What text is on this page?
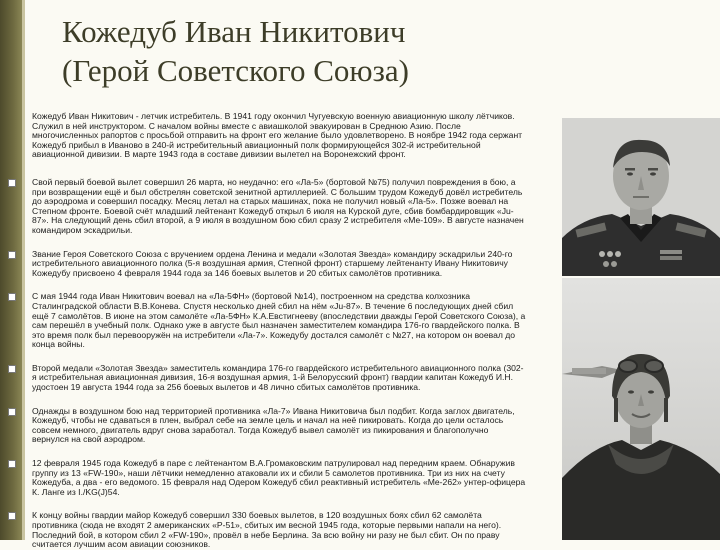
Кожедуб Иван Никитович
(Герой Советского Союза)
Кожедуб Иван Никитович - летчик истребитель. В 1941 году окончил Чугуевскую военную авиационную школу лётчиков. Служил в ней инструктором. С началом войны вместе с авиашколой эвакуирован в Среднюю Азию. После многочисленных рапортов с просьбой отправить на фронт его желание было удовлетворено. В ноябре 1942 года сержант Кожедуб прибыл в Иваново в 240-й истребительный авиационный полк формирующейся 302-й истребительной авиационной дивизии. В марте 1943 года в составе дивизии вылетел на Воронежский фронт.
Свой первый боевой вылет совершил 26 марта, но неудачно: его «Ла-5» (бортовой №75) получил повреждения в бою, а при возвращении ещё и был обстрелян советской зенитной артиллерией. С большим трудом Кожедуб довёл истребитель до аэродрома и совершил посадку. Месяц летал на старых машинах, пока не получил новый «Ла-5». Позже воевал на Степном фронте. Боевой счёт младший лейтенант Кожедуб открыл 6 июля на Курской дуге, сбив бомбардировщик «Ju-87». На следующий день сбил второй, а 9 июля в воздушном бою сбил сразу 2 истребителя «Me-109». В августе назначен командиром эскадрильи.
Звание Героя Советского Союза с вручением ордена Ленина и медали «Золотая Звезда» командиру эскадрильи 240-го истребительного авиационного полка (5-я воздушная армия, Степной фронт) старшему лейтенанту Ивану Никитовичу Кожедубу присвоено 4 февраля 1944 года за 146 боевых вылетов и 20 сбитых самолётов противника.
С мая 1944 года Иван Никитович воевал на «Ла-5ФН» (бортовой №14), построенном на средства колхозника Сталинградской области В.В.Конева. Спустя несколько дней сбил на нём «Ju-87». В течение 6 последующих дней сбил ещё 7 самолётов. В июне на этом самолёте «Ла-5ФН» К.А.Евстигнееву (впоследствии дважды Герой Советского Союза), а сам перешёл в учебный полк. Однако уже в августе был назначен заместителем командира 176-го гвардейского полка. В это время полк был перевооружён на истребители «Ла-7». Кожедубу достался самолёт с №27, на котором он воевал до конца войны.
Второй медали «Золотая Звезда» заместитель командира 176-го гвардейского истребительного авиационного полка (302-я истребительная авиационная дивизия, 16-я воздушная армия, 1-й Белорусский фронт) гвардии капитан Кожедуб И.Н. удостоен 19 августа 1944 года за 256 боевых вылетов и 48 лично сбитых самолётов противника.
Однажды в воздушном бою над территорией противника «Ла-7» Ивана Никитовича был подбит. Когда заглох двигатель, Кожедуб, чтобы не сдаваться в плен, выбрал себе на земле цель и начал на неё пикировать. Когда до цели осталось совсем немного, двигатель вдруг снова заработал. Тогда Кожедуб вывел самолёт из пикирования и благополучно вернулся на свой аэродром.
12 февраля 1945 года Кожедуб в паре с лейтенантом В.А.Громаковским патрулировал над передним краем. Обнаружив группу из 13 «FW-190», наши лётчики немедленно атаковали их и сбили 5 самолетов противника. Три из них на счету Кожедуба, а два - его ведомого. 15 февраля над Одером Кожедуб сбил реактивный истребитель «Me-262» унтер-офицера К. Ланге из I./KG(J)54.
К концу войны гвардии майор Кожедуб совершил 330 боевых вылетов, в 120 воздушных боях сбил 62 самолёта противника (сюда не входят 2 американских «P-51», сбитых им весной 1945 года, которые первыми напали на него). Последний бой, в котором сбил 2 «FW-190», провёл в небе Берлина. За всю войну ни разу не был сбит. Он по праву считается лучшим асом авиации союзников.
